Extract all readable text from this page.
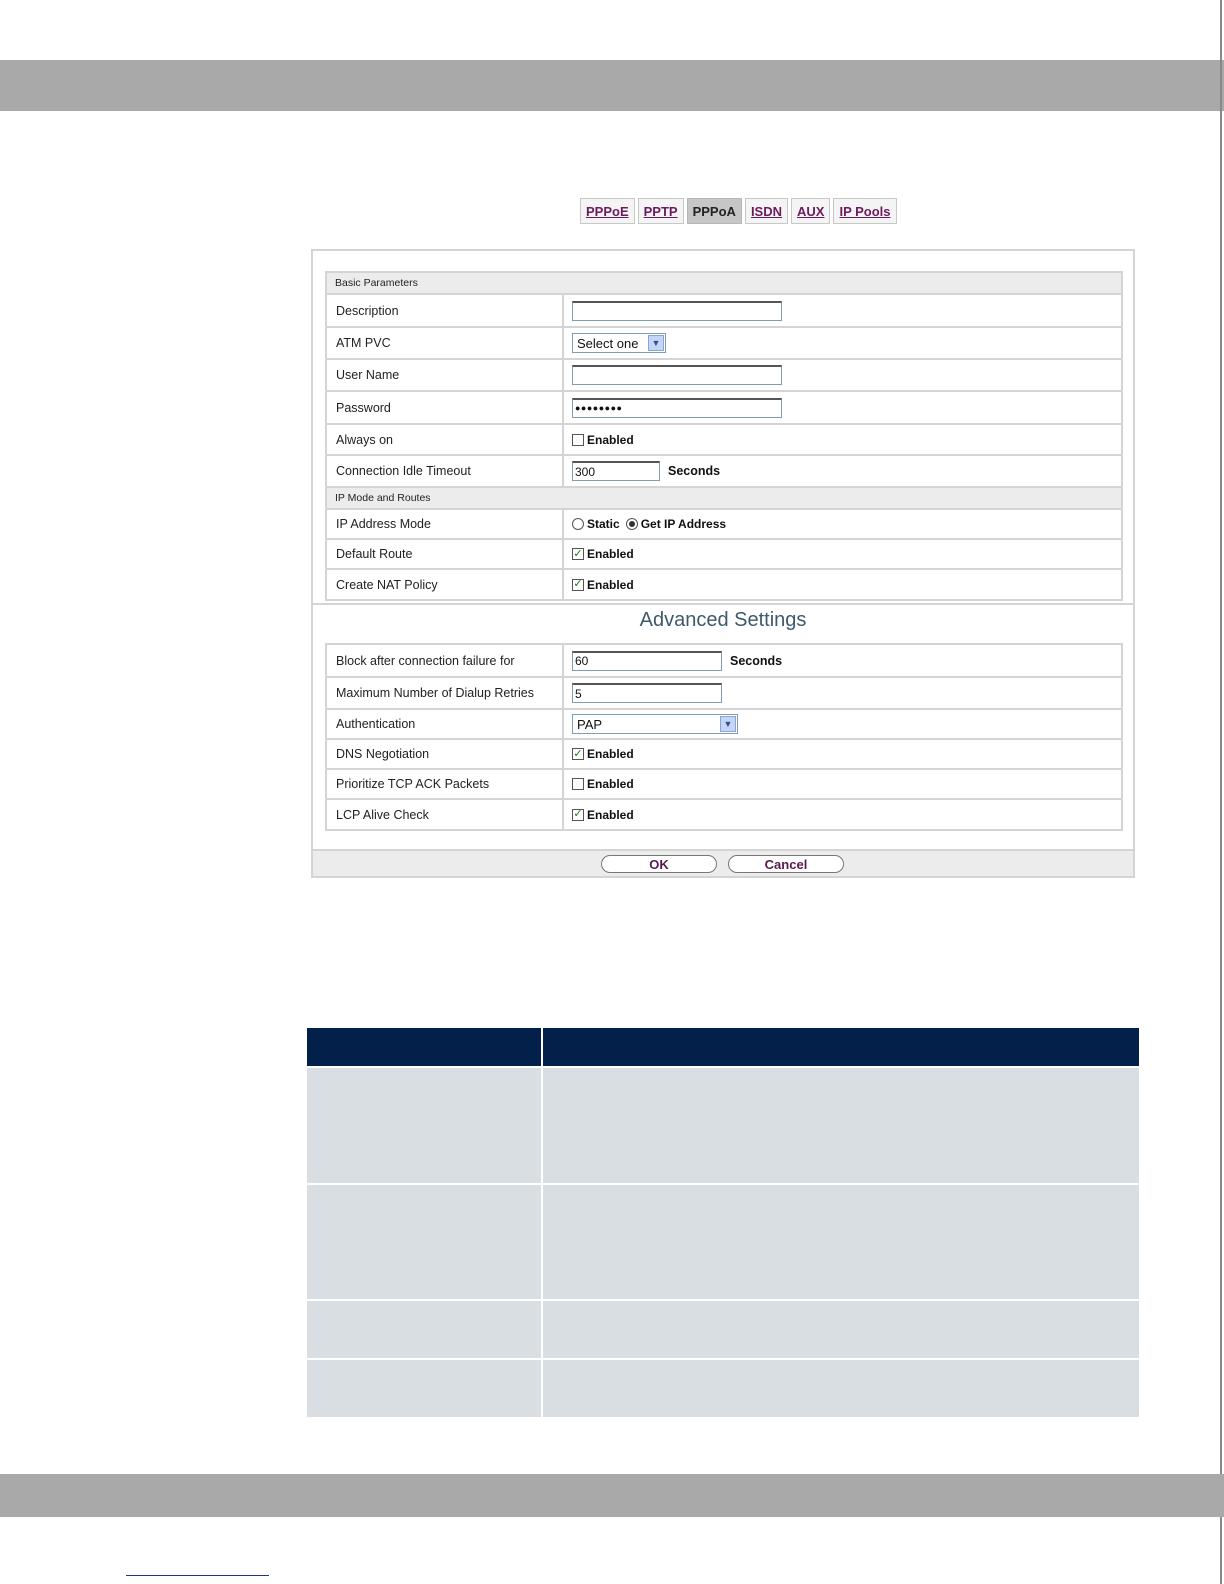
PPPoE	PPTP	PPPoA	ISDN	AUX	IP Pools
Basic Parameters
Description
ATM PVC	Select one	▼
User Name
Password	●●●●●●●●
Always on	Enabled
Connection Idle Timeout	300	Seconds
IP Mode and Routes
IP Address Mode	Static Get IP Address
Default Route	✓ Enabled
Create NAT Policy	✓ Enabled
Advanced Settings
Block after connection failure for	60	Seconds
Maximum Number of Dialup Retries	5
Authentication	PAP	▼
DNS Negotiation	✓ Enabled
Prioritize TCP ACK Packets	Enabled
LCP Alive Check	✓ Enabled
OK	Cancel
